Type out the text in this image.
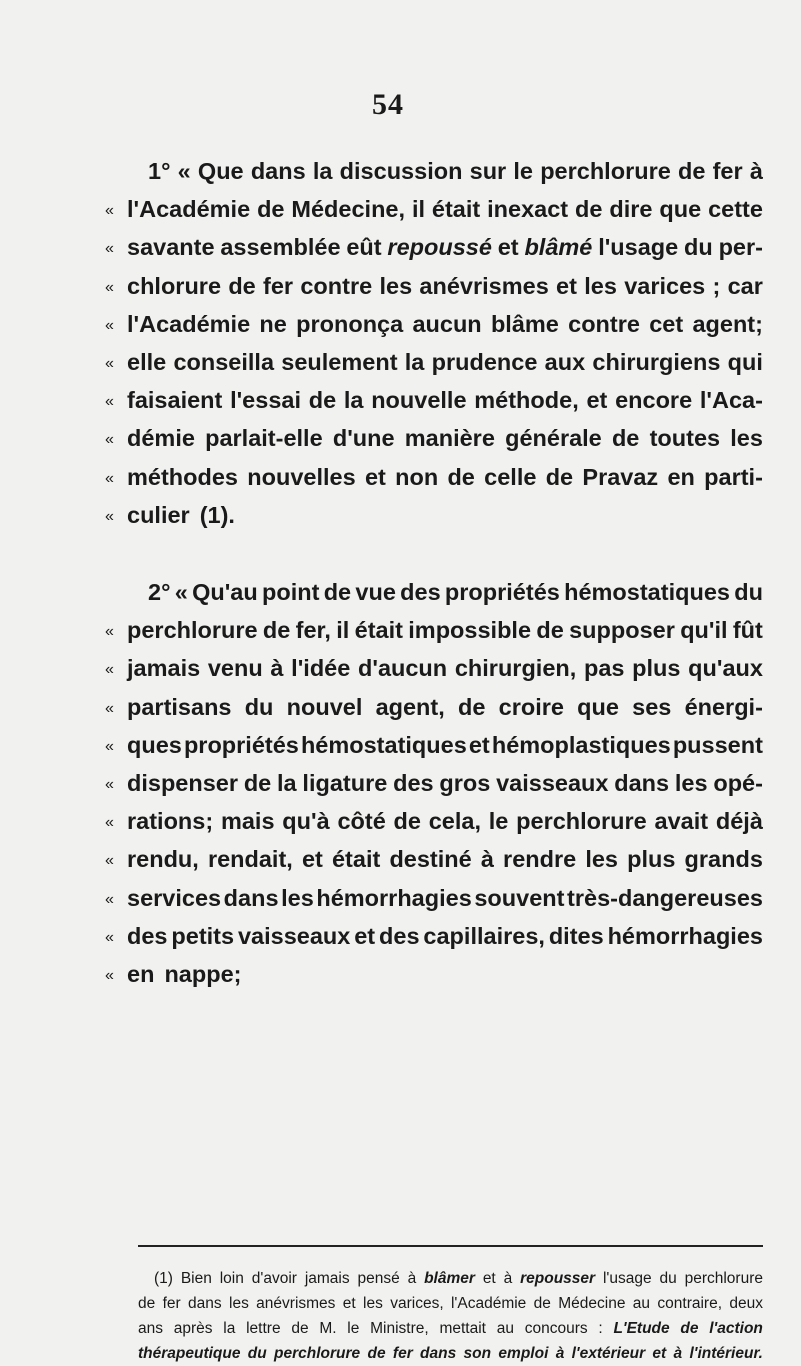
54
1° « Que dans la discussion sur le perchlorure de fer à
« l'Académie de Médecine, il était inexact de dire que cette
« savante assemblée eût repoussé et blâmé l'usage du per-
« chlorure de fer contre les anévrismes et les varices ; car
« l'Académie ne prononça aucun blâme contre cet agent;
« elle conseilla seulement la prudence aux chirurgiens qui
« faisaient l'essai de la nouvelle méthode, et encore l'Aca-
« démie parlait-elle d'une manière générale de toutes les
« méthodes nouvelles et non de celle de Pravaz en parti-
« culier (1).
2° « Qu'au point de vue des propriétés hémostatiques du
« perchlorure de fer, il était impossible de supposer qu'il fût
« jamais venu à l'idée d'aucun chirurgien, pas plus qu'aux
« partisans du nouvel agent, de croire que ses énergi-
« ques propriétés hémostatiques et hémoplastiques pussent
« dispenser de la ligature des gros vaisseaux dans les opé-
« rations; mais qu'à côté de cela, le perchlorure avait déjà
« rendu, rendait, et était destiné à rendre les plus grands
« services dans les hémorrhagies souvent très-dangereuses
« des petits vaisseaux et des capillaires, dites hémorrhagies
« en nappe;
(1) Bien loin d'avoir jamais pensé à blâmer et à repousser l'usage du perchlorure
de fer dans les anévrismes et les varices, l'Académie de Médecine au contraire, deux
ans après la lettre de M. le Ministre, mettait au concours : L'Etude de l'action
thérapeutique du perchlorure de fer dans son emploi à l'extérieur et à l'intérieur.
